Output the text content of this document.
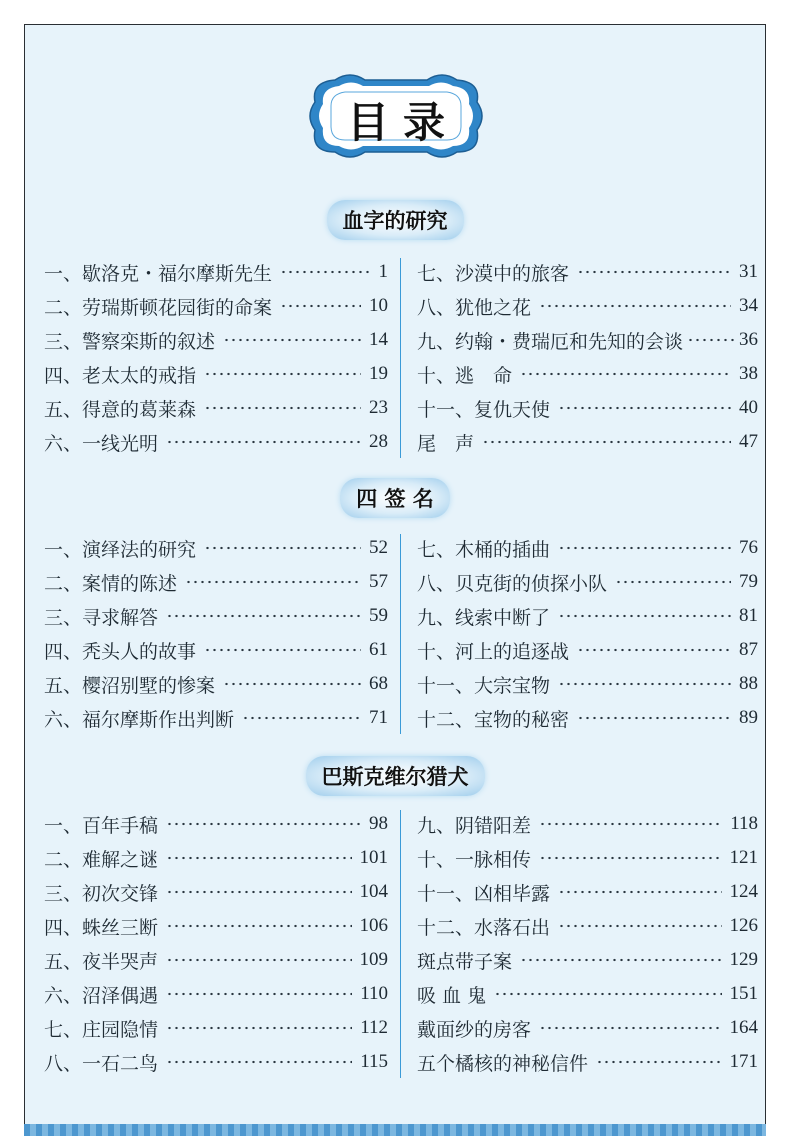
目录
血字的研究
一、歇洛克・福尔摩斯先生	1
二、劳瑞斯顿花园街的命案	10
三、警察栾斯的叙述	14
四、老太太的戒指	19
五、得意的葛莱森	23
六、一线光明	28
七、沙漠中的旅客	31
八、犹他之花	34
九、约翰・费瑞厄和先知的会谈	36
十、逃　命	38
十一、复仇天使	40
尾　声	47
四 签 名
一、演绎法的研究	52
二、案情的陈述	57
三、寻求解答	59
四、秃头人的故事	61
五、樱沼别墅的惨案	68
六、福尔摩斯作出判断	71
七、木桶的插曲	76
八、贝克街的侦探小队	79
九、线索中断了	81
十、河上的追逐战	87
十一、大宗宝物	88
十二、宝物的秘密	89
巴斯克维尔猎犬
一、百年手稿	98
二、难解之谜	101
三、初次交锋	104
四、蛛丝三断	106
五、夜半哭声	109
六、沼泽偶遇	110
七、庄园隐情	112
八、一石二鸟	115
九、阴错阳差	118
十、一脉相传	121
十一、凶相毕露	124
十二、水落石出	126
斑点带子案	129
吸 血 鬼	151
戴面纱的房客	164
五个橘核的神秘信件	171
